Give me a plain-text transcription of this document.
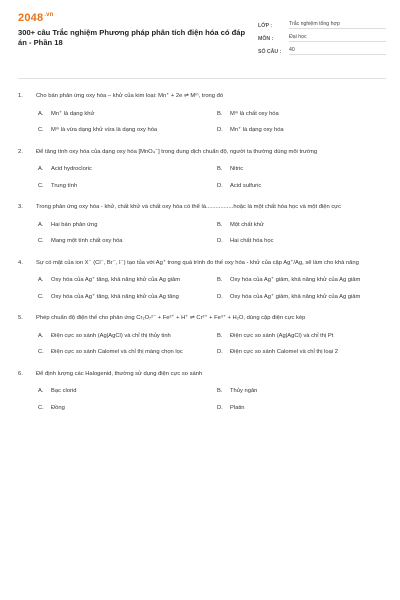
$2048^{.vn}$
300+ câu Trắc nghiệm Phương pháp phân tích điện hóa có đáp án - Phần 18
LỚP :	Trắc nghiệm tổng hợp
MÔN :	Đại học
SỐ CÂU :	40
1.	Cho bán phản ứng oxy hóa – khử của kim loại: Mn⁺ + 2e ⇌ Mᵐ, trong đó
A.	Mn⁺ là dạng khử	B.	Mᵐ là chất oxy hóa
C.	Mᵐ là vừa dạng khử vừa là dạng oxy hóa	D.	Mn⁺ là dạng oxy hóa
2.	Để tăng tính oxy hóa của dạng oxy hóa [MnO₄⁻] trong dung dịch chuẩn độ, người ta thường dùng môi trường
A.	Acid hydrocloric	B.	Nitric
C.	Trung tính	D.	Acid sulfuric
3.	Trong phản ứng oxy hóa - khử, chất khử và chất oxy hóa có thể là.................hoặc là một chất hóa học và một điện cực
A.	Hai bán phản ứng	B.	Một chất khử
C.	Mang một tính chất oxy hóa	D.	Hai chất hóa học
4.	Sự có mặt của ion X⁻ (Cl⁻, Br⁻, I⁻) tạo tủa với Ag⁺ trong quá trình đo thế oxy hóa - khử của cặp Ag⁺/Ag, sẽ làm cho khả năng
A.	Oxy hóa của Ag⁺ tăng, khả năng khử của Ag giảm	B.	Oxy hóa của Ag⁺ giảm, khả năng khử của Ag giảm
C.	Oxy hóa của Ag⁺ tăng, khả năng khử của Ag tăng	D.	Oxy hóa của Ag⁺ giảm, khả năng khử của Ag giảm
5.	Phép chuẩn độ điện thế cho phản ứng Cr₂O₇²⁻ + Fe²⁺ + H⁺ ⇌ Cr³⁺ + Fe³⁺ + H₂O, dùng cặp điện cực kép
A.	Điện cực so sánh (Ag|AgCl) và chỉ thị thủy tinh	B.	Điện cực so sánh (Ag|AgCl) và chỉ thị Pt
C.	Điện cực so sánh Calomel và chỉ thị màng chọn lọc	D.	Điện cực so sánh Calomel và chỉ thị loại 2
6.	Để định lượng các Halogenid, thường sử dụng điện cực so sánh
A.	Bạc clorid	B.	Thủy ngân
C.	Đồng	D.	Platin
